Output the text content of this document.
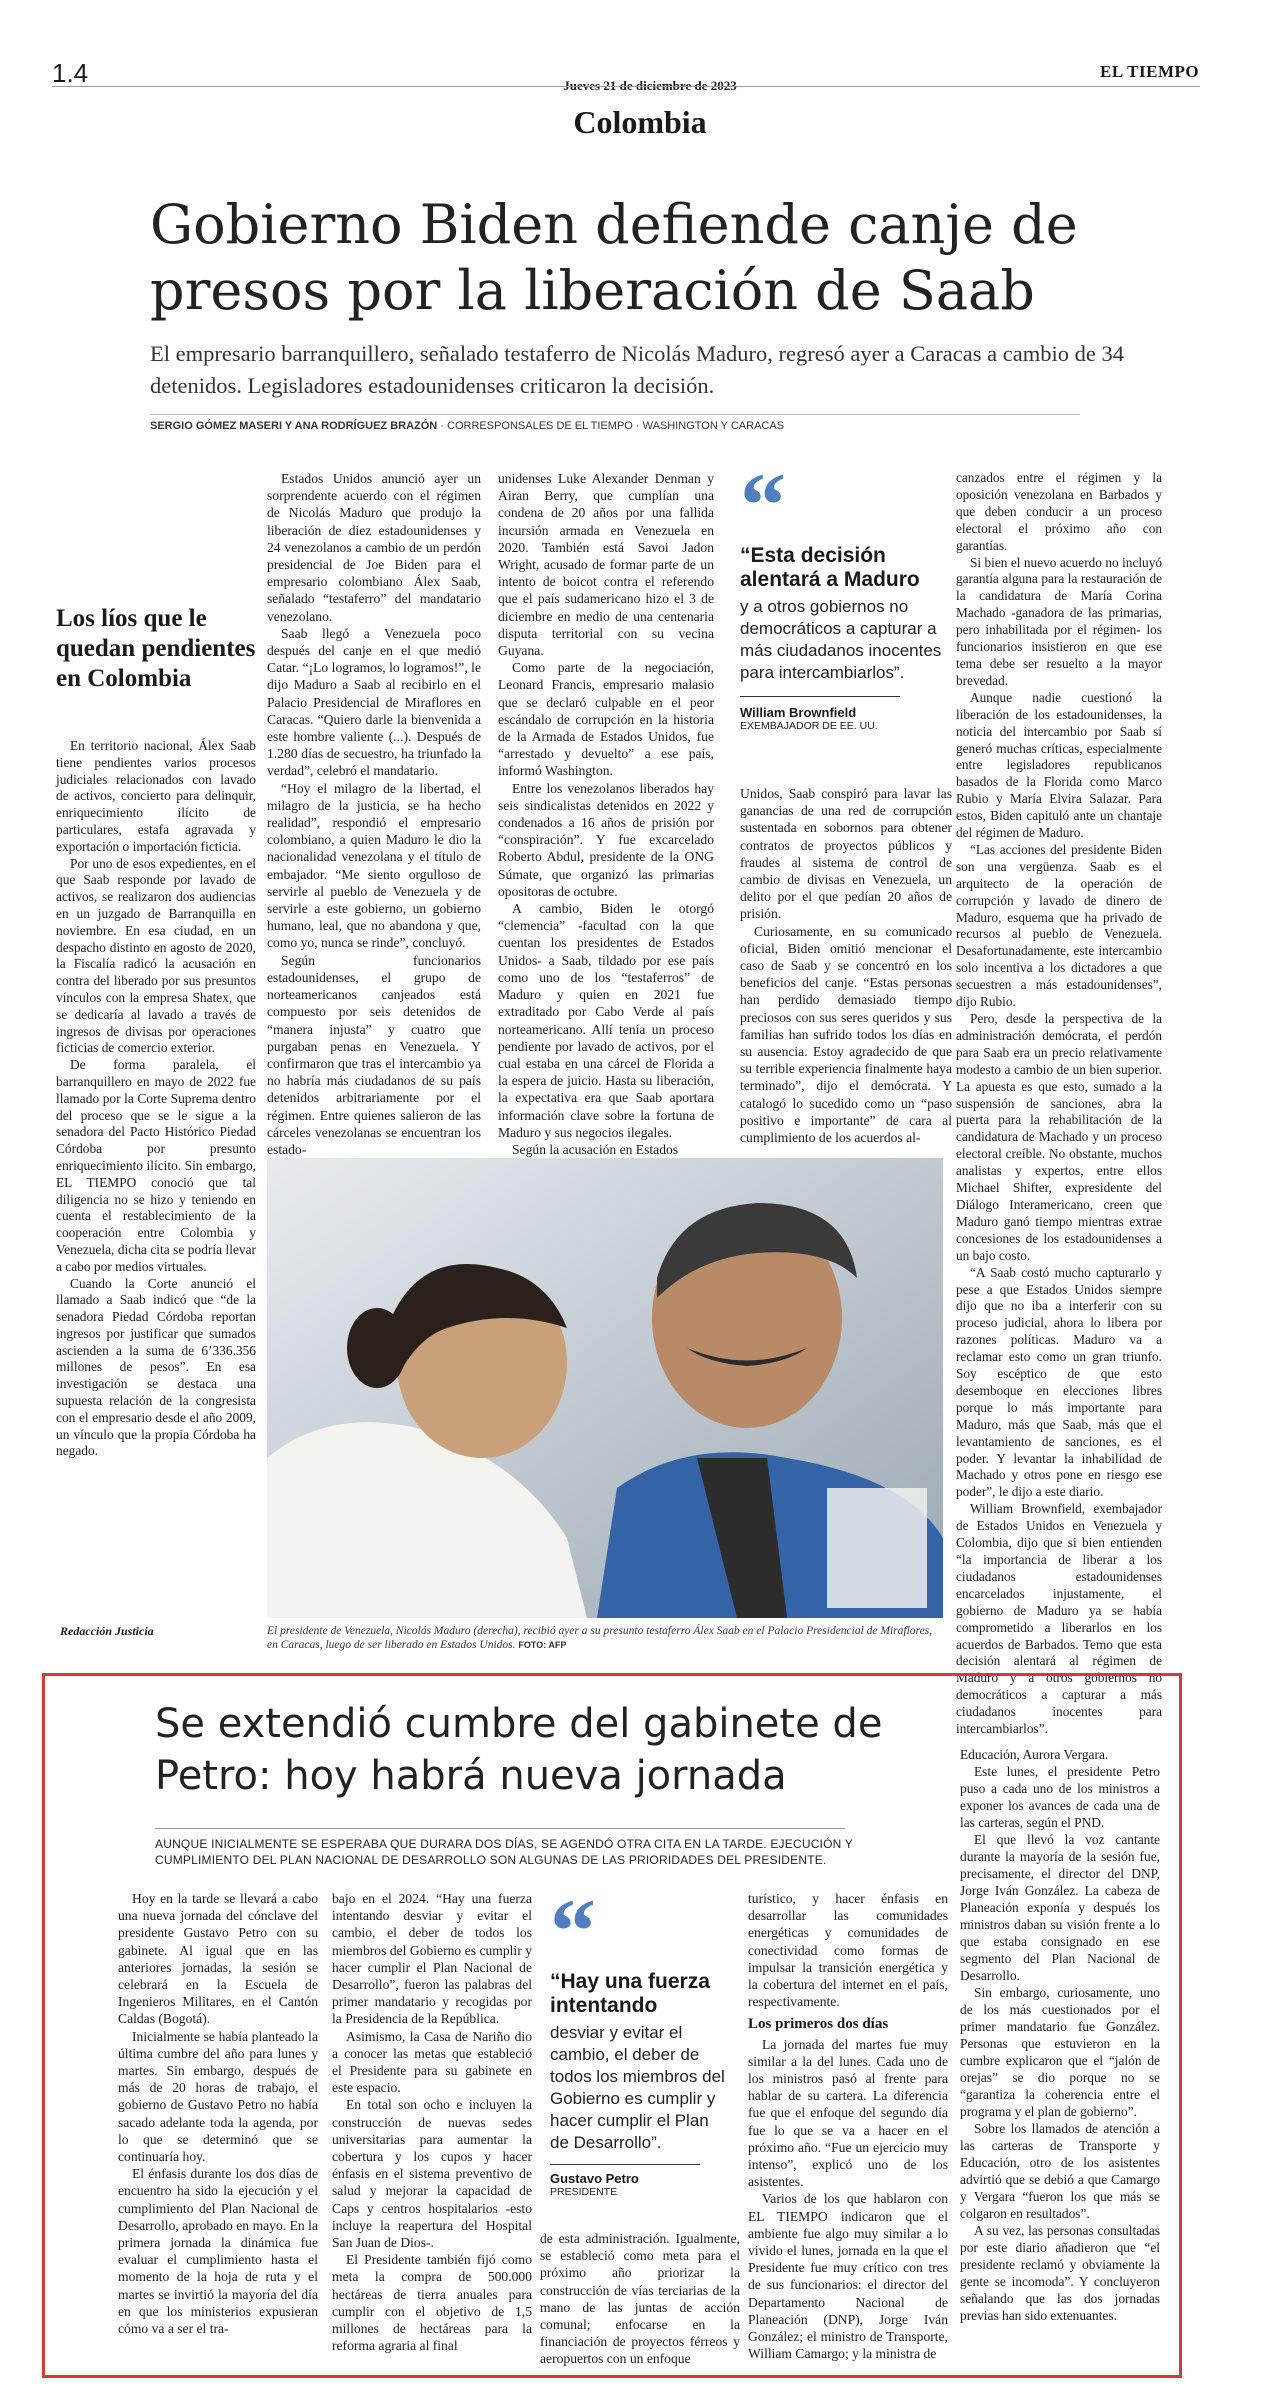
1.4	Jueves 21 de diciembre de 2023
EL TIEMPO
Colombia
Gobierno Biden defiende canje de presos por la liberación de Saab
El empresario barranquillero, señalado testaferro de Nicolás Maduro, regresó ayer a Caracas a cambio de 34 detenidos. Legisladores estadounidenses criticaron la decisión.
SERGIO GÓMEZ MASERI Y ANA RODRÍGUEZ BRAZÓN · CORRESPONSALES DE EL TIEMPO · WASHINGTON Y CARACAS
Los líos que le quedan pendientes en Colombia

En territorio nacional, Álex Saab tiene pendientes varios procesos judiciales relacionados con lavado de activos, concierto para delinquir, enriquecimiento ilícito de particulares, estafa agravada y exportación o importación ficticia.

Por uno de esos expedientes, en el que Saab responde por lavado de activos, se realizaron dos audiencias en un juzgado de Barranquilla en noviembre. En esa ciudad, en un despacho distinto en agosto de 2020, la Fiscalía radicó la acusación en contra del liberado por sus presuntos vínculos con la empresa Shatex, que se dedicaría al lavado a través de ingresos de divisas por operaciones ficticias de comercio exterior.

De forma paralela, el barranquillero en mayo de 2022 fue llamado por la Corte Suprema dentro del proceso que se le sigue a la senadora del Pacto Histórico Piedad Córdoba por presunto enriquecimiento ilícito. Sin embargo, EL TIEMPO conoció que tal diligencia no se hizo y teniendo en cuenta el restablecimiento de la cooperación entre Colombia y Venezuela, dicha cita se podría llevar a cabo por medios virtuales.

Cuando la Corte anunció el llamado a Saab indicó que “de la senadora Piedad Córdoba reportan ingresos por justificar que sumados ascienden a la suma de 6’336.356 millones de pesos”. En esa investigación se destaca una supuesta relación de la congresista con el empresario desde el año 2009, un vínculo que la propia Córdoba ha negado.

Redacción Justicia

Estados Unidos anunció ayer un sorprendente acuerdo con el régimen de Nicolás Maduro que produjo la liberación de diez estadounidenses y 24 venezolanos a cambio de un perdón presidencial de Joe Biden para el empresario colombiano Álex Saab, señalado “testaferro” del mandatario venezolano.

Saab llegó a Venezuela poco después del canje en el que medió Catar. “¡Lo logramos, lo logramos!”, le dijo Maduro a Saab al recibirlo en el Palacio Presidencial de Miraflores en Caracas. “Quiero darle la bienvenida a este hombre valiente (...). Después de 1.280 días de secuestro, ha triunfado la verdad”, celebró el mandatario.

“Hoy el milagro de la libertad, el milagro de la justicia, se ha hecho realidad”, respondió el empresario colombiano, a quien Maduro le dio la nacionalidad venezolana y el título de embajador. “Me siento orgulloso de servirle al pueblo de Venezuela y de servirle a este gobierno, un gobierno humano, leal, que no abandona y que, como yo, nunca se rinde”, concluyó.

Según funcionarios estadounidenses, el grupo de norteamericanos canjeados está compuesto por seis detenidos de “manera injusta” y cuatro que purgaban penas en Venezuela. Y confirmaron que tras el intercambio ya no habría más ciudadanos de su país detenidos arbitrariamente por el régimen. Entre quienes salieron de las cárceles venezolanas se encuentran los estado-

unidenses Luke Alexander Denman y Airan Berry, que cumplían una condena de 20 años por una fallida incursión armada en Venezuela en 2020. También está Savoi Jadon Wright, acusado de formar parte de un intento de boicot contra el referendo que el país sudamericano hizo el 3 de diciembre en medio de una centenaria disputa territorial con su vecina Guyana.

Como parte de la negociación, Leonard Francis, empresario malasio que se declaró culpable en el peor escándalo de corrupción en la historia de la Armada de Estados Unidos, fue “arrestado y devuelto” a ese país, informó Washington.

Entre los venezolanos liberados hay seis sindicalistas detenidos en 2022 y condenados a 16 años de prisión por “conspiración”. Y fue excarcelado Roberto Abdul, presidente de la ONG Súmate, que organizó las primarias opositoras de octubre.

A cambio, Biden le otorgó “clemencia” -facultad con la que cuentan los presidentes de Estados Unidos- a Saab, tildado por ese país como uno de los “testaferros” de Maduro y quien en 2021 fue extraditado por Cabo Verde al país norteamericano. Allí tenía un proceso pendiente por lavado de activos, por el cual estaba en una cárcel de Florida a la espera de juicio. Hasta su liberación, la expectativa era que Saab aportara información clave sobre la fortuna de Maduro y sus negocios ilegales.

Según la acusación en Estados

“
“Esta decisión alentará a Maduro
y a otros gobiernos no democráticos a capturar a más ciudadanos inocentes para intercambiarlos”.
William Brownfield
EXEMBAJADOR DE EE. UU.

Unidos, Saab conspiró para lavar las ganancias de una red de corrupción sustentada en sobornos para obtener contratos de proyectos públicos y fraudes al sistema de control de cambio de divisas en Venezuela, un delito por el que pedían 20 años de prisión.

Curiosamente, en su comunicado oficial, Biden omitió mencionar el caso de Saab y se concentró en los beneficios del canje. “Estas personas han perdido demasiado tiempo preciosos con sus seres queridos y sus familias han sufrido todos los días en su ausencia. Estoy agradecido de que su terrible experiencia finalmente haya terminado”, dijo el demócrata. Y catalogó lo sucedido como un “paso positivo e importante” de cara al cumplimiento de los acuerdos al-

canzados entre el régimen y la oposición venezolana en Barbados y que deben conducir a un proceso electoral el próximo año con garantías.

Si bien el nuevo acuerdo no incluyó garantía alguna para la restauración de la candidatura de María Corina Machado -ganadora de las primarias, pero inhabilitada por el régimen- los funcionarios insistieron en que ese tema debe ser resuelto a la mayor brevedad.

Aunque nadie cuestionó la liberación de los estadounidenses, la noticia del intercambio por Saab sí generó muchas críticas, especialmente entre legisladores republicanos basados de la Florida como Marco Rubio y María Elvira Salazar. Para estos, Biden capituló ante un chantaje del régimen de Maduro.

“Las acciones del presidente Biden son una vergüenza. Saab es el arquitecto de la operación de corrupción y lavado de dinero de Maduro, esquema que ha privado de recursos al pueblo de Venezuela. Desafortunadamente, este intercambio solo incentiva a los dictadores a que secuestren a más estadounidenses”, dijo Rubio.

Pero, desde la perspectiva de la administración demócrata, el perdón para Saab era un precio relativamente modesto a cambio de un bien superior. La apuesta es que esto, sumado a la suspensión de sanciones, abra la puerta para la rehabilitación de la candidatura de Machado y un proceso electoral creíble. No obstante, muchos analistas y expertos, entre ellos Michael Shifter, expresidente del Diálogo Interamericano, creen que Maduro ganó tiempo mientras extrae concesiones de los estadounidenses a un bajo costo.

“A Saab costó mucho capturarlo y pese a que Estados Unidos siempre dijo que no iba a interferir con su proceso judicial, ahora lo libera por razones políticas. Maduro va a reclamar esto como un gran triunfo. Soy escéptico de que esto desemboque en elecciones libres porque lo más importante para Maduro, más que Saab, más que el levantamiento de sanciones, es el poder. Y levantar la inhabilidad de Machado y otros pone en riesgo ese poder”, le dijo a este diario.

William Brownfield, exembajador de Estados Unidos en Venezuela y Colombia, dijo que si bien entienden “la importancia de liberar a los ciudadanos estadounidenses encarcelados injustamente, el gobierno de Maduro ya se había comprometido a liberarlos en los acuerdos de Barbados. Temo que esta decisión alentará al régimen de Maduro y a otros gobiernos no democráticos a capturar a más ciudadanos inocentes para intercambiarlos”.

El presidente de Venezuela, Nicolás Maduro (derecha), recibió ayer a su presunto testaferro Álex Saab en el Palacio Presidencial de Miraflores, en Caracas, luego de ser liberado en Estados Unidos. FOTO: AFP
Se extendió cumbre del gabinete de Petro: hoy habrá nueva jornada
AUNQUE INICIALMENTE SE ESPERABA QUE DURARA DOS DÍAS, SE AGENDÓ OTRA CITA EN LA TARDE. EJECUCIÓN Y CUMPLIMIENTO DEL PLAN NACIONAL DE DESARROLLO SON ALGUNAS DE LAS PRIORIDADES DEL PRESIDENTE.

Hoy en la tarde se llevará a cabo una nueva jornada del cónclave del presidente Gustavo Petro con su gabinete. Al igual que en las anteriores jornadas, la sesión se celebrará en la Escuela de Ingenieros Militares, en el Cantón Caldas (Bogotá).

Inicialmente se había planteado la última cumbre del año para lunes y martes. Sin embargo, después de más de 20 horas de trabajo, el gobierno de Gustavo Petro no había sacado adelante toda la agenda, por lo que se determinó que se continuaría hoy.

El énfasis durante los dos días de encuentro ha sido la ejecución y el cumplimiento del Plan Nacional de Desarrollo, aprobado en mayo. En la primera jornada la dinámica fue evaluar el cumplimiento hasta el momento de la hoja de ruta y el martes se invirtió la mayoría del día en que los ministerios expusieran cómo va a ser el tra-

bajo en el 2024. “Hay una fuerza intentando desviar y evitar el cambio, el deber de todos los miembros del Gobierno es cumplir y hacer cumplir el Plan Nacional de Desarrollo”, fueron las palabras del primer mandatario y recogidas por la Presidencia de la República.

Asimismo, la Casa de Nariño dio a conocer las metas que estableció el Presidente para su gabinete en este espacio.

En total son ocho e incluyen la construcción de nuevas sedes universitarias para aumentar la cobertura y los cupos y hacer énfasis en el sistema preventivo de salud y mejorar la capacidad de Caps y centros hospitalarios -esto incluye la reapertura del Hospital San Juan de Dios-.

El Presidente también fijó como meta la compra de 500.000 hectáreas de tierra anuales para cumplir con el objetivo de 1,5 millones de hectáreas para la reforma agraria al final

“
“Hay una fuerza intentando
desviar y evitar el cambio, el deber de todos los miembros del Gobierno es cumplir y hacer cumplir el Plan de Desarrollo”.
Gustavo Petro
PRESIDENTE

de esta administración. Igualmente, se estableció como meta para el próximo año priorizar la construcción de vías terciarias de la mano de las juntas de acción comunal; enfocarse en la financiación de proyectos férreos y aeropuertos con un enfoque

turístico, y hacer énfasis en desarrollar las comunidades energéticas y comunidades de conectividad como formas de impulsar la transición energética y la cobertura del internet en el país, respectivamente.

Los primeros dos días

La jornada del martes fue muy similar a la del lunes. Cada uno de los ministros pasó al frente para hablar de su cartera. La diferencia fue que el enfoque del segundo día fue lo que se va a hacer en el próximo año. “Fue un ejercicio muy intenso”, explicó uno de los asistentes.

Varios de los que hablaron con EL TIEMPO indicaron que el ambiente fue algo muy similar a lo vivido el lunes, jornada en la que el Presidente fue muy crítico con tres de sus funcionarios: el director del Departamento Nacional de Planeación (DNP), Jorge Iván González; el ministro de Transporte, William Camargo; y la ministra de

Educación, Aurora Vergara.

Este lunes, el presidente Petro puso a cada uno de los ministros a exponer los avances de cada una de las carteras, según el PND.

El que llevó la voz cantante durante la mayoría de la sesión fue, precisamente, el director del DNP, Jorge Iván González. La cabeza de Planeación exponía y después los ministros daban su visión frente a lo que estaba consignado en ese segmento del Plan Nacional de Desarrollo.

Sin embargo, curiosamente, uno de los más cuestionados por el primer mandatario fue González. Personas que estuvieron en la cumbre explicaron que el “jalón de orejas” se dio porque no se “garantiza la coherencia entre el programa y el plan de gobierno”.

Sobre los llamados de atención a las carteras de Transporte y Educación, otro de los asistentes advirtió que se debió a que Camargo y Vergara “fueron los que más se colgaron en resultados”.

A su vez, las personas consultadas por este diario añadieron que “el presidente reclamó y obviamente la gente se incomoda”. Y concluyeron señalando que las dos jornadas previas han sido extenuantes.
